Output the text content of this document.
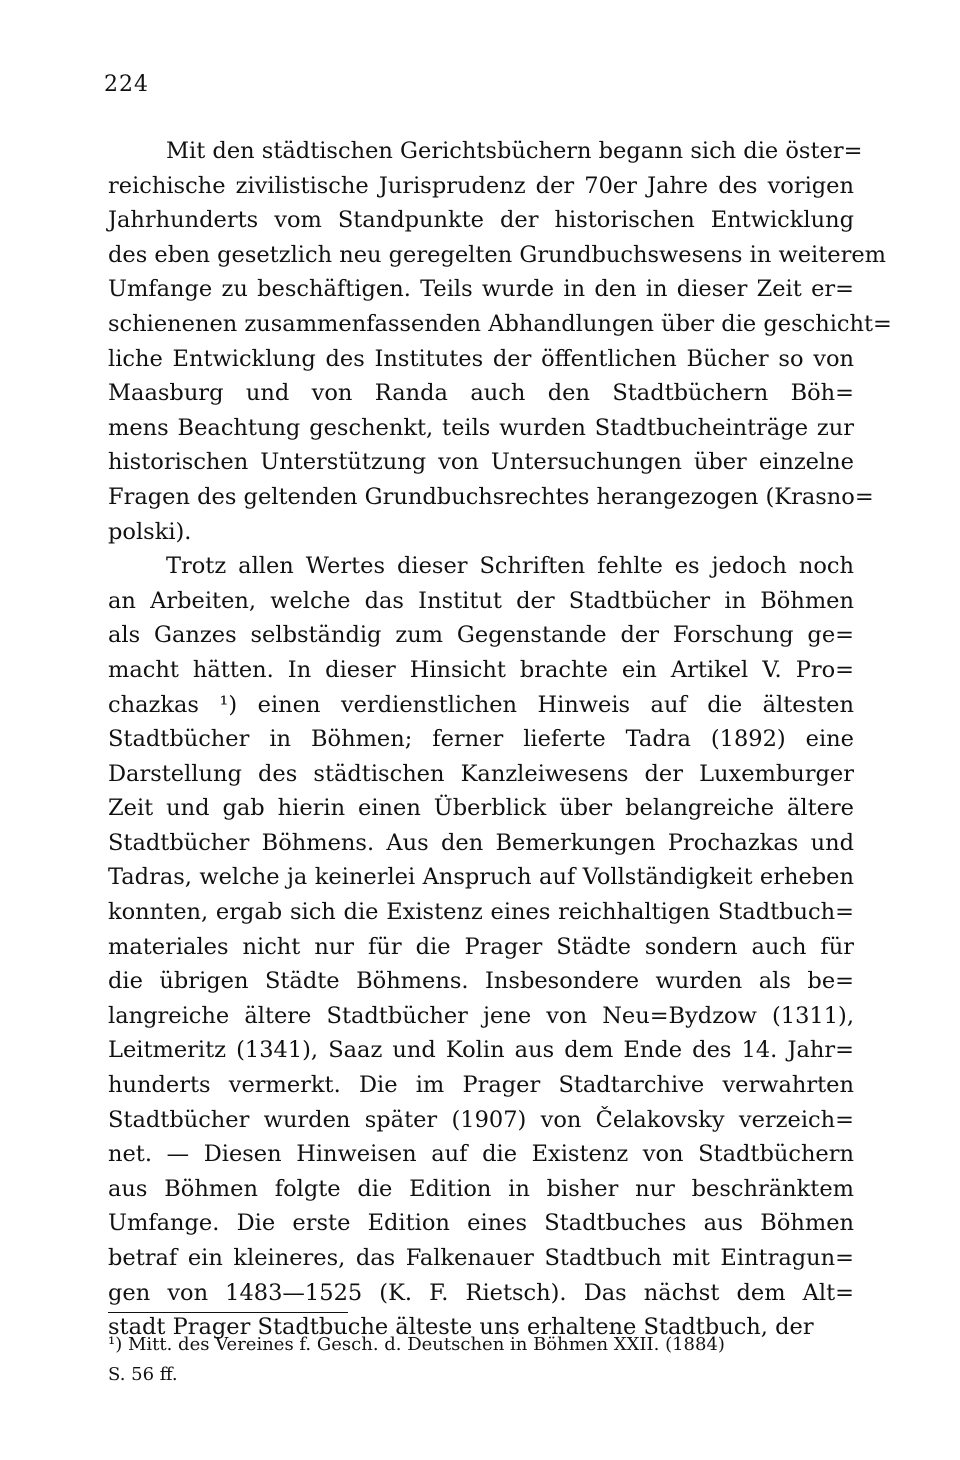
224
Mit den städtischen Gerichtsbüchern begann sich die öster=
reichische zivilistische Jurisprudenz der 70er Jahre des vorigen
Jahrhunderts vom Standpunkte der historischen Entwicklung
des eben gesetzlich neu geregelten Grundbuchswesens in weiterem
Umfange zu beschäftigen. Teils wurde in den in dieser Zeit er=
schienenen zusammenfassenden Abhandlungen über die geschicht=
liche Entwicklung des Institutes der öffentlichen Bücher so von
Maasburg und von Randa auch den Stadtbüchern Böh=
mens Beachtung geschenkt, teils wurden Stadtbucheinträge zur
historischen Unterstützung von Untersuchungen über einzelne
Fragen des geltenden Grundbuchsrechtes herangezogen (Krasno=
polski).
Trotz allen Wertes dieser Schriften fehlte es jedoch noch
an Arbeiten, welche das Institut der Stadtbücher in Böhmen
als Ganzes selbständig zum Gegenstande der Forschung ge=
macht hätten. In dieser Hinsicht brachte ein Artikel V. Pro=
chazkas ¹) einen verdienstlichen Hinweis auf die ältesten
Stadtbücher in Böhmen; ferner lieferte Tadra (1892) eine
Darstellung des städtischen Kanzleiwesens der Luxemburger
Zeit und gab hierin einen Überblick über belangreiche ältere
Stadtbücher Böhmens. Aus den Bemerkungen Prochazkas und
Tadras, welche ja keinerlei Anspruch auf Vollständigkeit erheben
konnten, ergab sich die Existenz eines reichhaltigen Stadtbuch=
materiales nicht nur für die Prager Städte sondern auch für
die übrigen Städte Böhmens. Insbesondere wurden als be=
langreiche ältere Stadtbücher jene von Neu=Bydzow (1311),
Leitmeritz (1341), Saaz und Kolin aus dem Ende des 14. Jahr=
hunderts vermerkt. Die im Prager Stadtarchive verwahrten
Stadtbücher wurden später (1907) von Čelakovsky verzeich=
net. — Diesen Hinweisen auf die Existenz von Stadtbüchern
aus Böhmen folgte die Edition in bisher nur beschränktem
Umfange. Die erste Edition eines Stadtbuches aus Böhmen
betraf ein kleineres, das Falkenauer Stadtbuch mit Eintragun=
gen von 1483—1525 (K. F. Rietsch). Das nächst dem Alt=
stadt Prager Stadtbuche älteste uns erhaltene Stadtbuch, der
¹) Mitt. des Vereines f. Gesch. d. Deutschen in Böhmen XXII. (1884)
S. 56 ff.
